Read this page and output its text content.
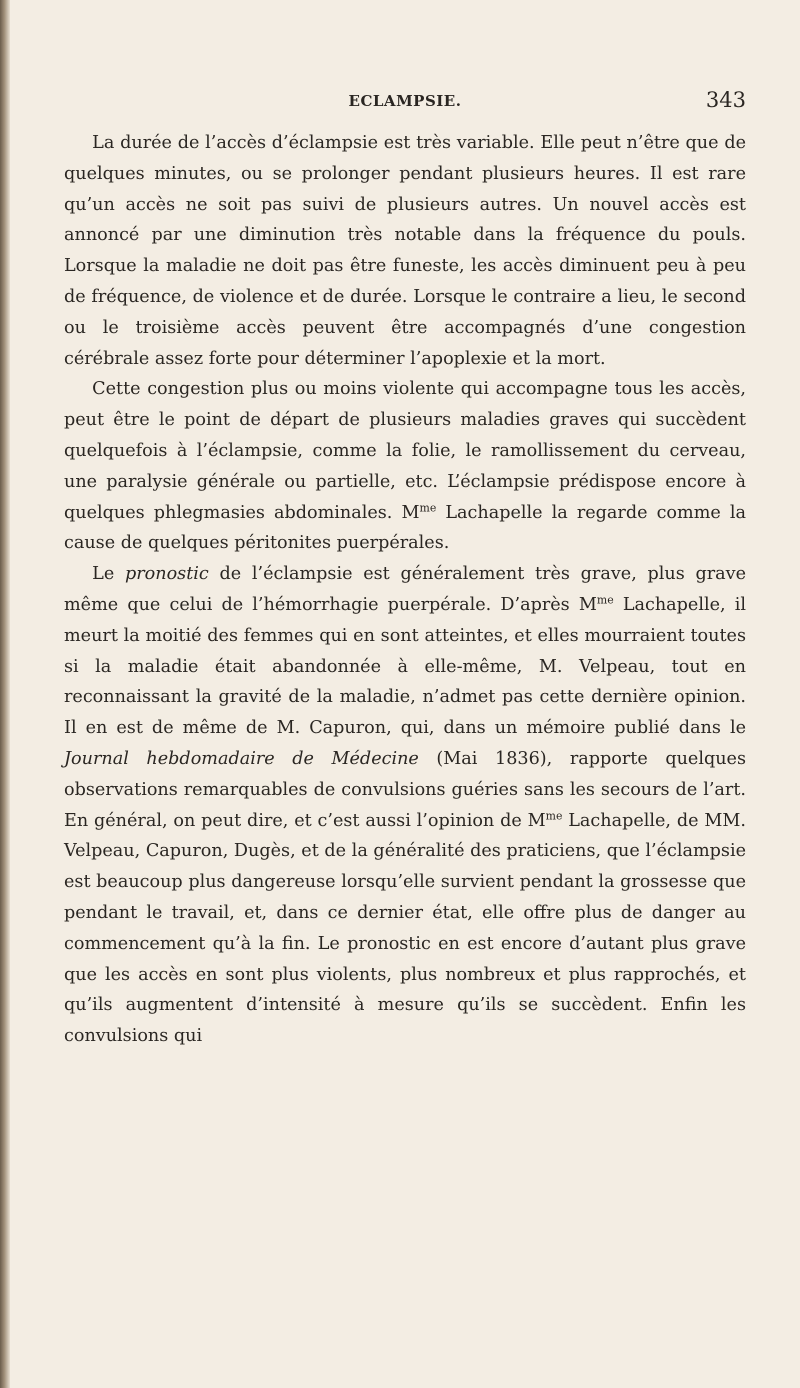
ECLAMPSIE.	343

La durée de l’accès d’éclampsie est très variable. Elle peut n’être que de quelques minutes, ou se prolonger pendant plusieurs heures. Il est rare qu’un accès ne soit pas suivi de plusieurs autres. Un nouvel accès est annoncé par une diminution très notable dans la fréquence du pouls. Lorsque la maladie ne doit pas être funeste, les accès diminuent peu à peu de fréquence, de violence et de durée. Lorsque le contraire a lieu, le second ou le troisième accès peuvent être accompagnés d’une congestion cérébrale assez forte pour déterminer l’apoplexie et la mort.

Cette congestion plus ou moins violente qui accompagne tous les accès, peut être le point de départ de plusieurs maladies graves qui succèdent quelquefois à l’éclampsie, comme la folie, le ramollissement du cerveau, une paralysie générale ou partielle, etc. L’éclampsie prédispose encore à quelques phlegmasies abdominales. $M^{me}$ Lachapelle la regarde comme la cause de quelques péritonites puerpérales.

Le pronostic de l’éclampsie est généralement très grave, plus grave même que celui de l’hémorrhagie puerpérale. D’après $M^{me}$ Lachapelle, il meurt la moitié des femmes qui en sont atteintes, et elles mourraient toutes si la maladie était abandonnée à elle-même, M. Velpeau, tout en reconnaissant la gravité de la maladie, n’admet pas cette dernière opinion. Il en est de même de M. Capuron, qui, dans un mémoire publié dans le Journal hebdomadaire de Médecine (Mai 1836), rapporte quelques observations remarquables de convulsions guéries sans les secours de l’art. En général, on peut dire, et c’est aussi l’opinion de $M^{me}$ Lachapelle, de MM. Velpeau, Capuron, Dugès, et de la généralité des praticiens, que l’éclampsie est beaucoup plus dangereuse lorsqu’elle survient pendant la grossesse que pendant le travail, et, dans ce dernier état, elle offre plus de danger au commencement qu’à la fin. Le pronostic en est encore d’autant plus grave que les accès en sont plus violents, plus nombreux et plus rapprochés, et qu’ils augmentent d’intensité à mesure qu’ils se succèdent. Enfin les convulsions qui
